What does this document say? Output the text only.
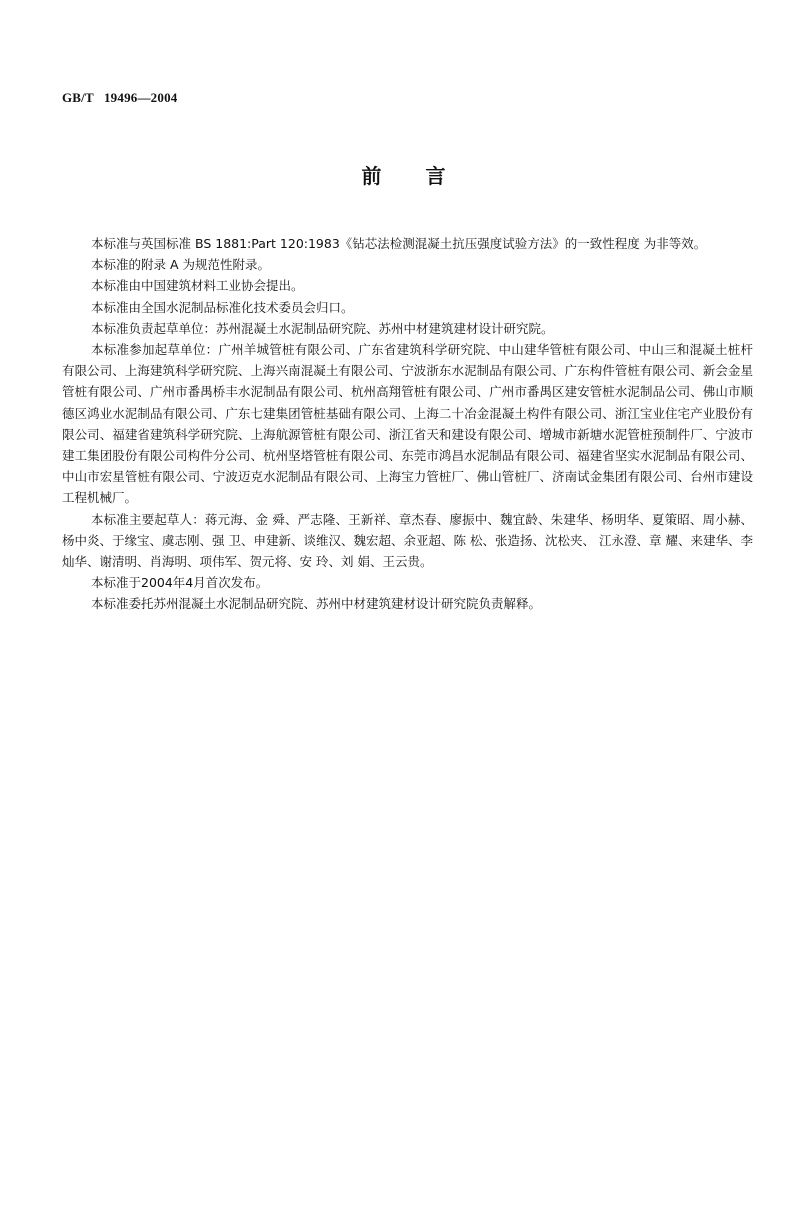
GB/T   19496—2004
前言

本标准与英国标准 BS 1881:Part 120:1983《钻芯法检测混凝土抗压强度试验方法》的一致性程度 为非等效。

本标准的附录 A 为规范性附录。

本标准由中国建筑材料工业协会提出。

本标准由全国水泥制品标准化技术委员会归口。

本标准负责起草单位：苏州混凝土水泥制品研究院、苏州中材建筑建材设计研究院。

本标准参加起草单位：广州羊城管桩有限公司、广东省建筑科学研究院、中山建华管桩有限公司、中山三和混凝土桩杆有限公司、上海建筑科学研究院、上海兴南混凝土有限公司、宁波浙东水泥制品有限公司、广东构件管桩有限公司、新会金星管桩有限公司、广州市番禺桥丰水泥制品有限公司、杭州高翔管桩有限公司、广州市番禺区建安管桩水泥制品公司、佛山市顺德区鸿业水泥制品有限公司、广东七建集团管桩基础有限公司、上海二十冶金混凝土构件有限公司、浙江宝业住宅产业股份有限公司、福建省建筑科学研究院、上海航源管桩有限公司、浙江省天和建设有限公司、增城市新塘水泥管桩预制件厂、宁波市建工集团股份有限公司构件分公司、杭州坚塔管桩有限公司、东莞市鸿昌水泥制品有限公司、福建省坚实水泥制品有限公司、中山市宏星管桩有限公司、宁波迈克水泥制品有限公司、上海宝力管桩厂、佛山管桩厂、济南试金集团有限公司、台州市建设工程机械厂。

本标准主要起草人：蒋元海、金 舜、严志隆、王新祥、章杰春、廖振中、魏宜龄、朱建华、杨明华、夏策昭、周小赫、杨中炎、于缘宝、虞志刚、强 卫、申建新、谈维汉、魏宏超、余亚超、陈 松、张造扬、沈松夹、 江永澄、章 耀、来建华、李灿华、谢清明、肖海明、项伟军、贺元将、安 玲、刘 娟、王云贵。

本标准于2004年4月首次发布。

本标准委托苏州混凝土水泥制品研究院、苏州中材建筑建材设计研究院负责解释。
